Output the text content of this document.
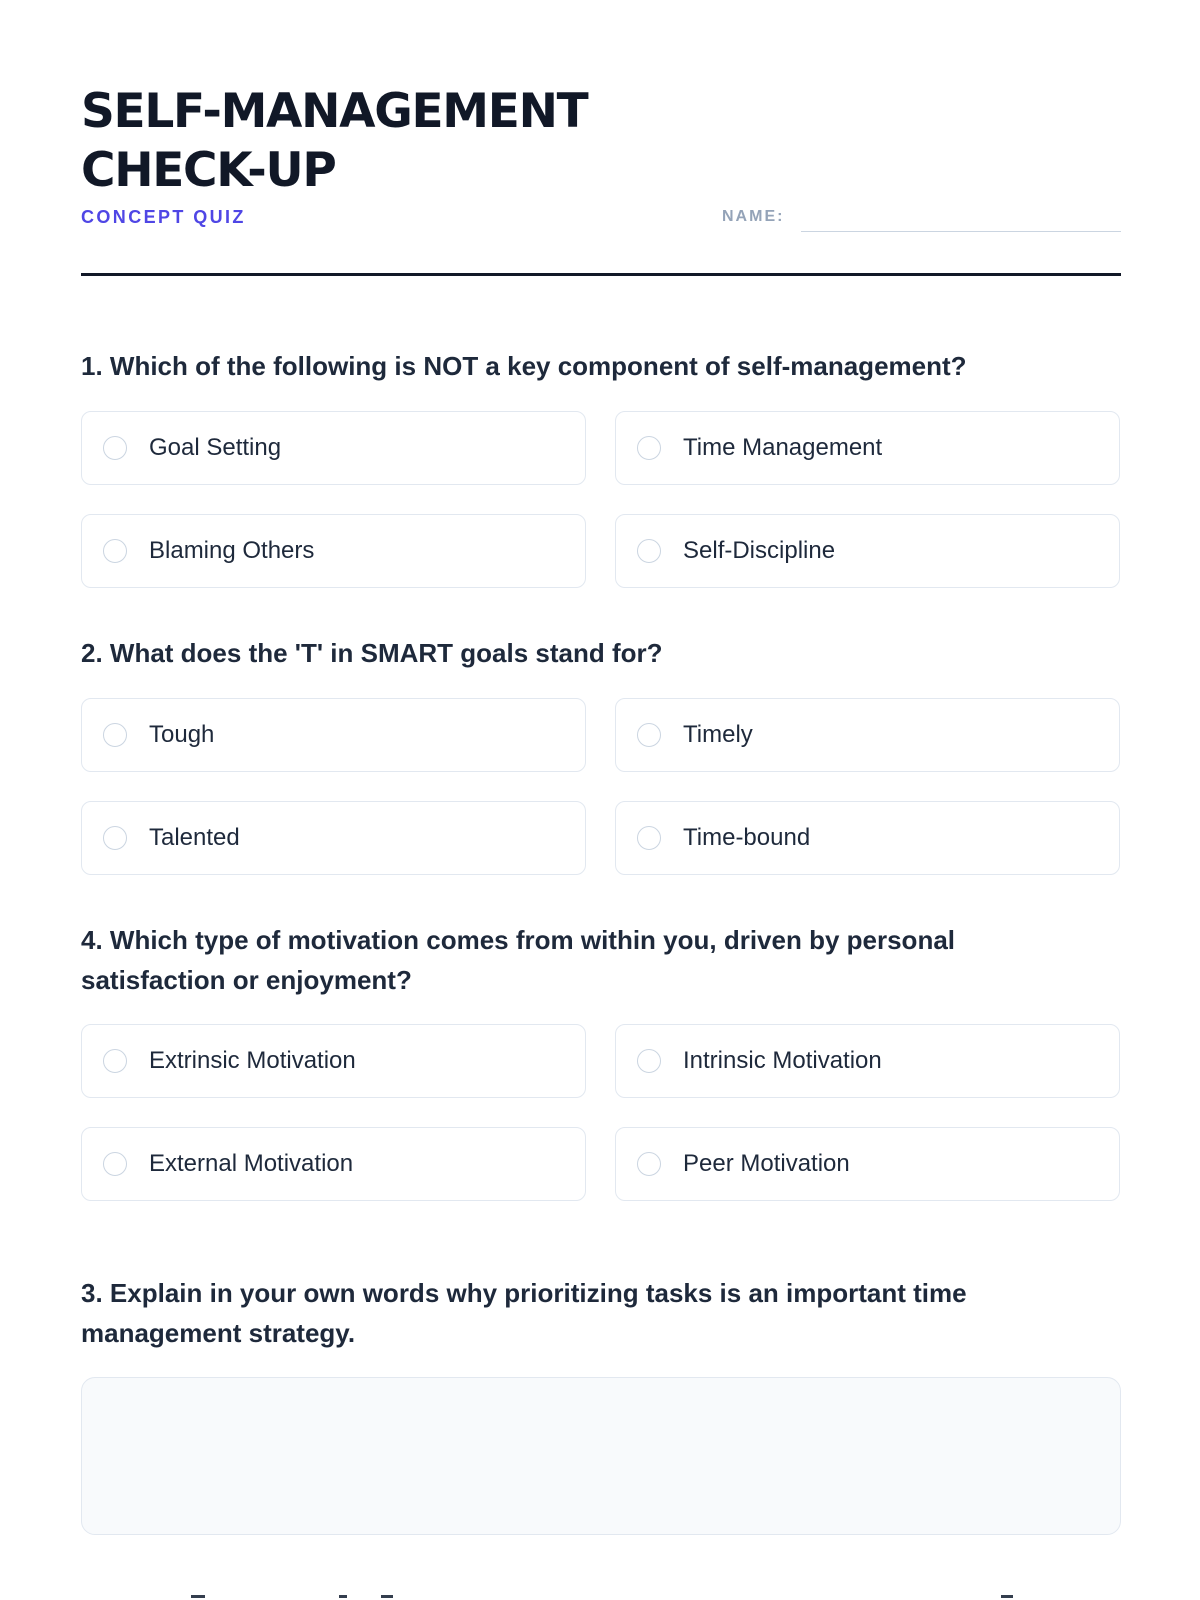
SELF-MANAGEMENT
CHECK-UP
CONCEPT QUIZ	NAME:
1. Which of the following is NOT a key component of self-management?
Goal Setting	Time Management
Blaming Others	Self-Discipline
2. What does the 'T' in SMART goals stand for?
Tough	Timely
Talented	Time-bound
4. Which type of motivation comes from within you, driven by personal satisfaction or enjoyment?
Extrinsic Motivation	Intrinsic Motivation
External Motivation	Peer Motivation
3. Explain in your own words why prioritizing tasks is an important time management strategy.
